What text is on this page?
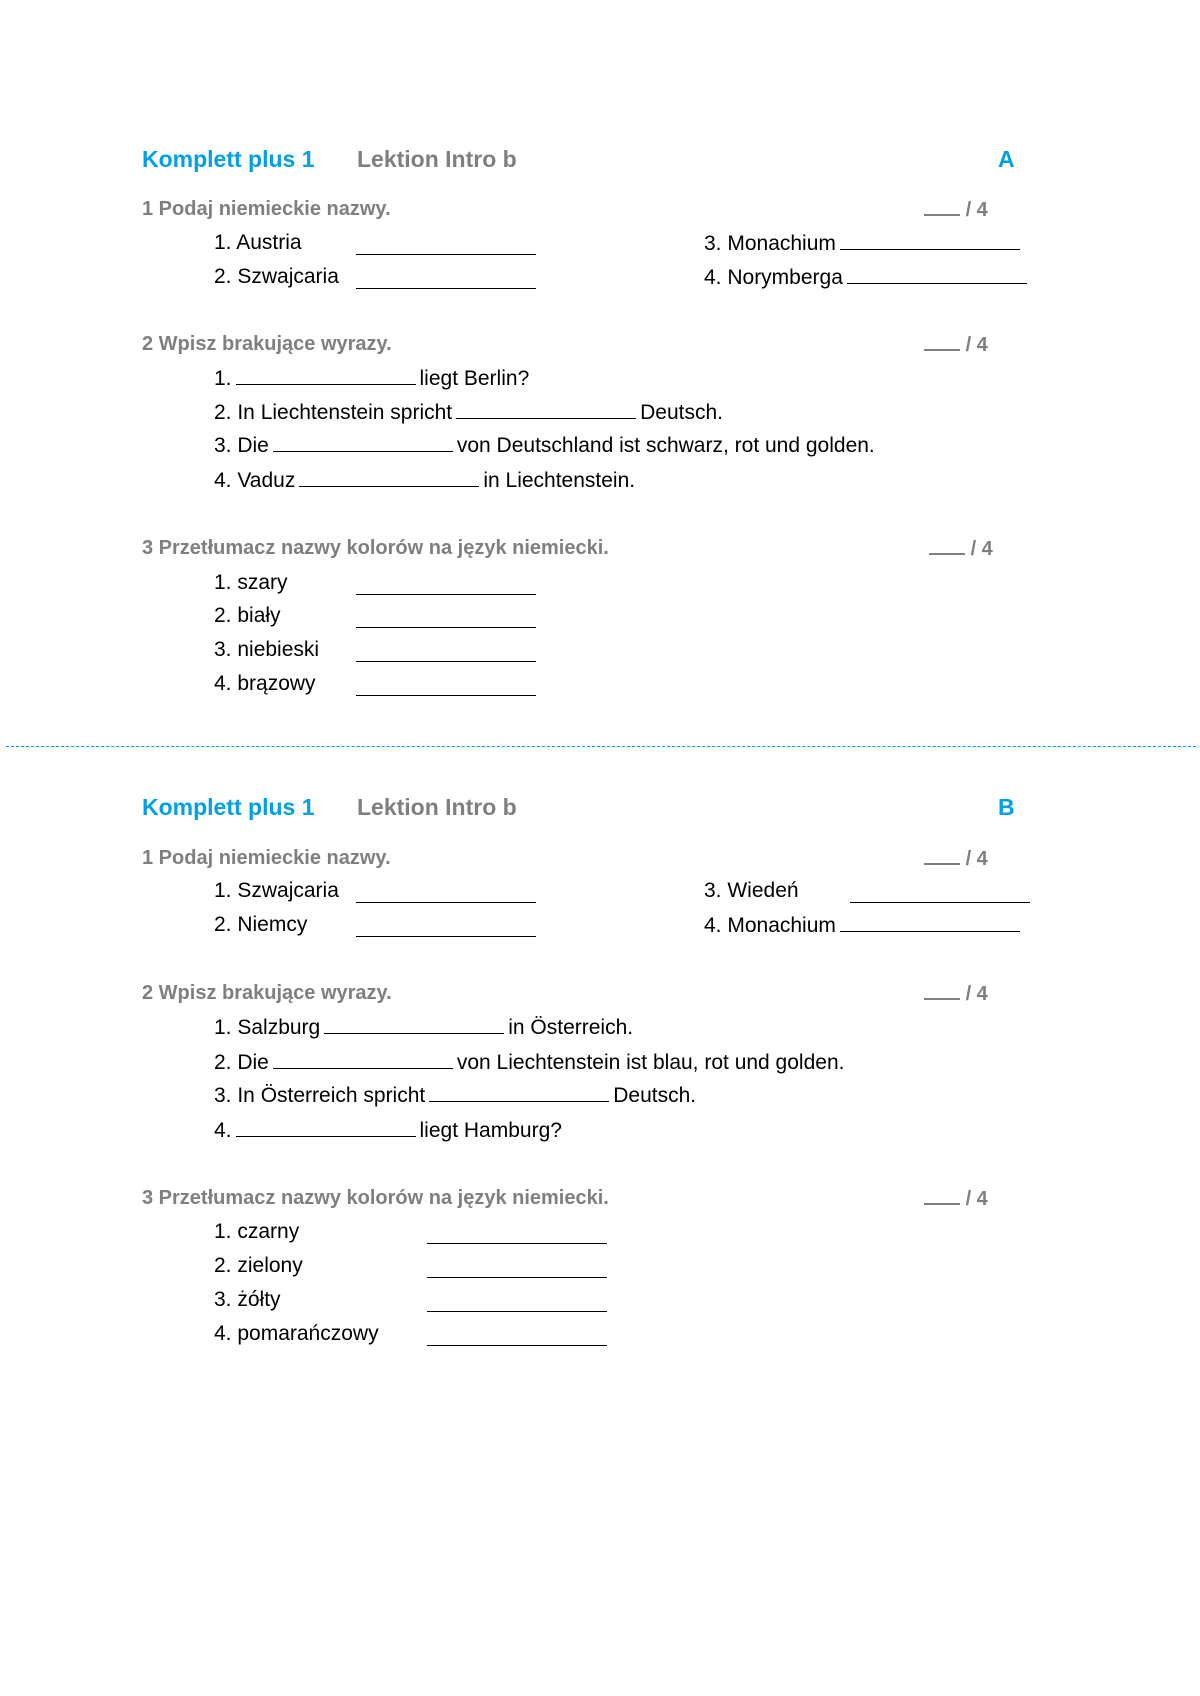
Komplett plus 1 Lektion Intro b	A
1 Podaj niemieckie nazwy.	/ 4
1. Austria
2. Szwajcaria
3. Monachium
4. Norymberga
2 Wpisz brakujące wyrazy.	/ 4
1.	liegt Berlin?
2. In Liechtenstein spricht	Deutsch.
3. Die	von Deutschland ist schwarz, rot und golden.
4. Vaduz	in Liechtenstein.
3 Przetłumacz nazwy kolorów na język niemiecki.	/ 4
1. szary
2. biały
3. niebieski
4. brązowy
Komplett plus 1 Lektion Intro b	B
1 Podaj niemieckie nazwy.	/ 4
1. Szwajcaria
2. Niemcy
3. Wiedeń
4. Monachium
2 Wpisz brakujące wyrazy.	/ 4
1. Salzburg	in Österreich.
2. Die	von Liechtenstein ist blau, rot und golden.
3. In Österreich spricht	Deutsch.
4.	liegt Hamburg?
3 Przetłumacz nazwy kolorów na język niemiecki.	/ 4
1. czarny
2. zielony
3. żółty
4. pomarańczowy
